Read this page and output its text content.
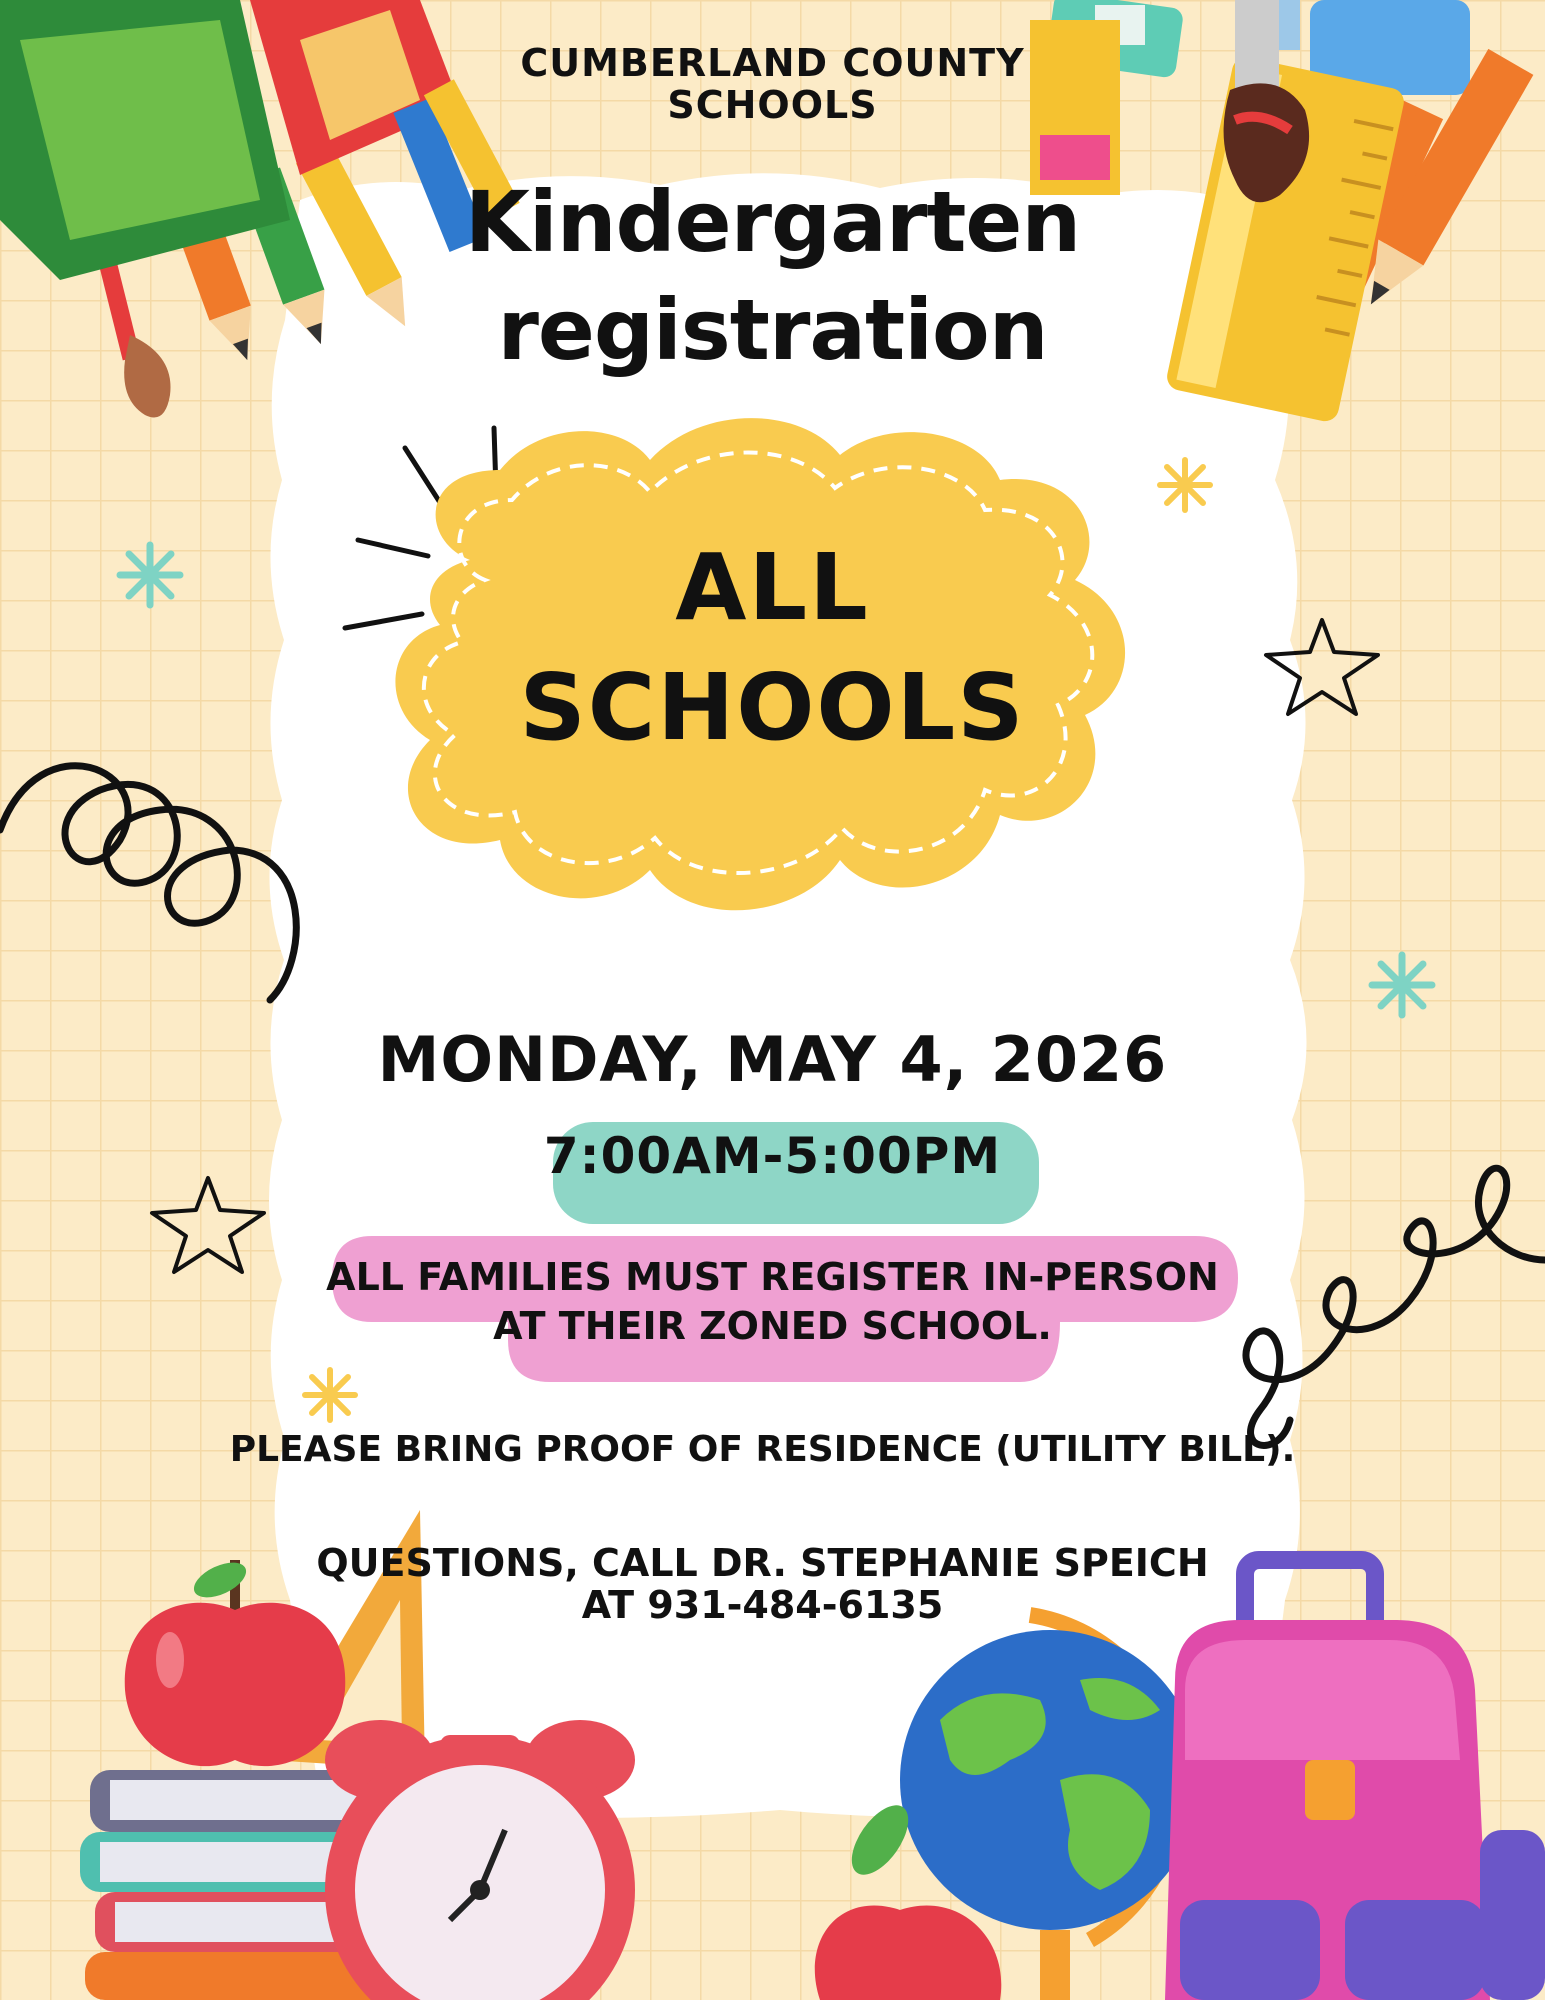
CUMBERLAND COUNTY
SCHOOLS
Kindergarten
registration
ALL
SCHOOLS
MONDAY, MAY 4, 2026
7:00AM-5:00PM
ALL FAMILIES MUST REGISTER IN-PERSON
AT THEIR ZONED SCHOOL.
PLEASE BRING PROOF OF RESIDENCE (UTILITY BILL).
QUESTIONS, CALL DR. STEPHANIE SPEICH
AT 931-484-6135
